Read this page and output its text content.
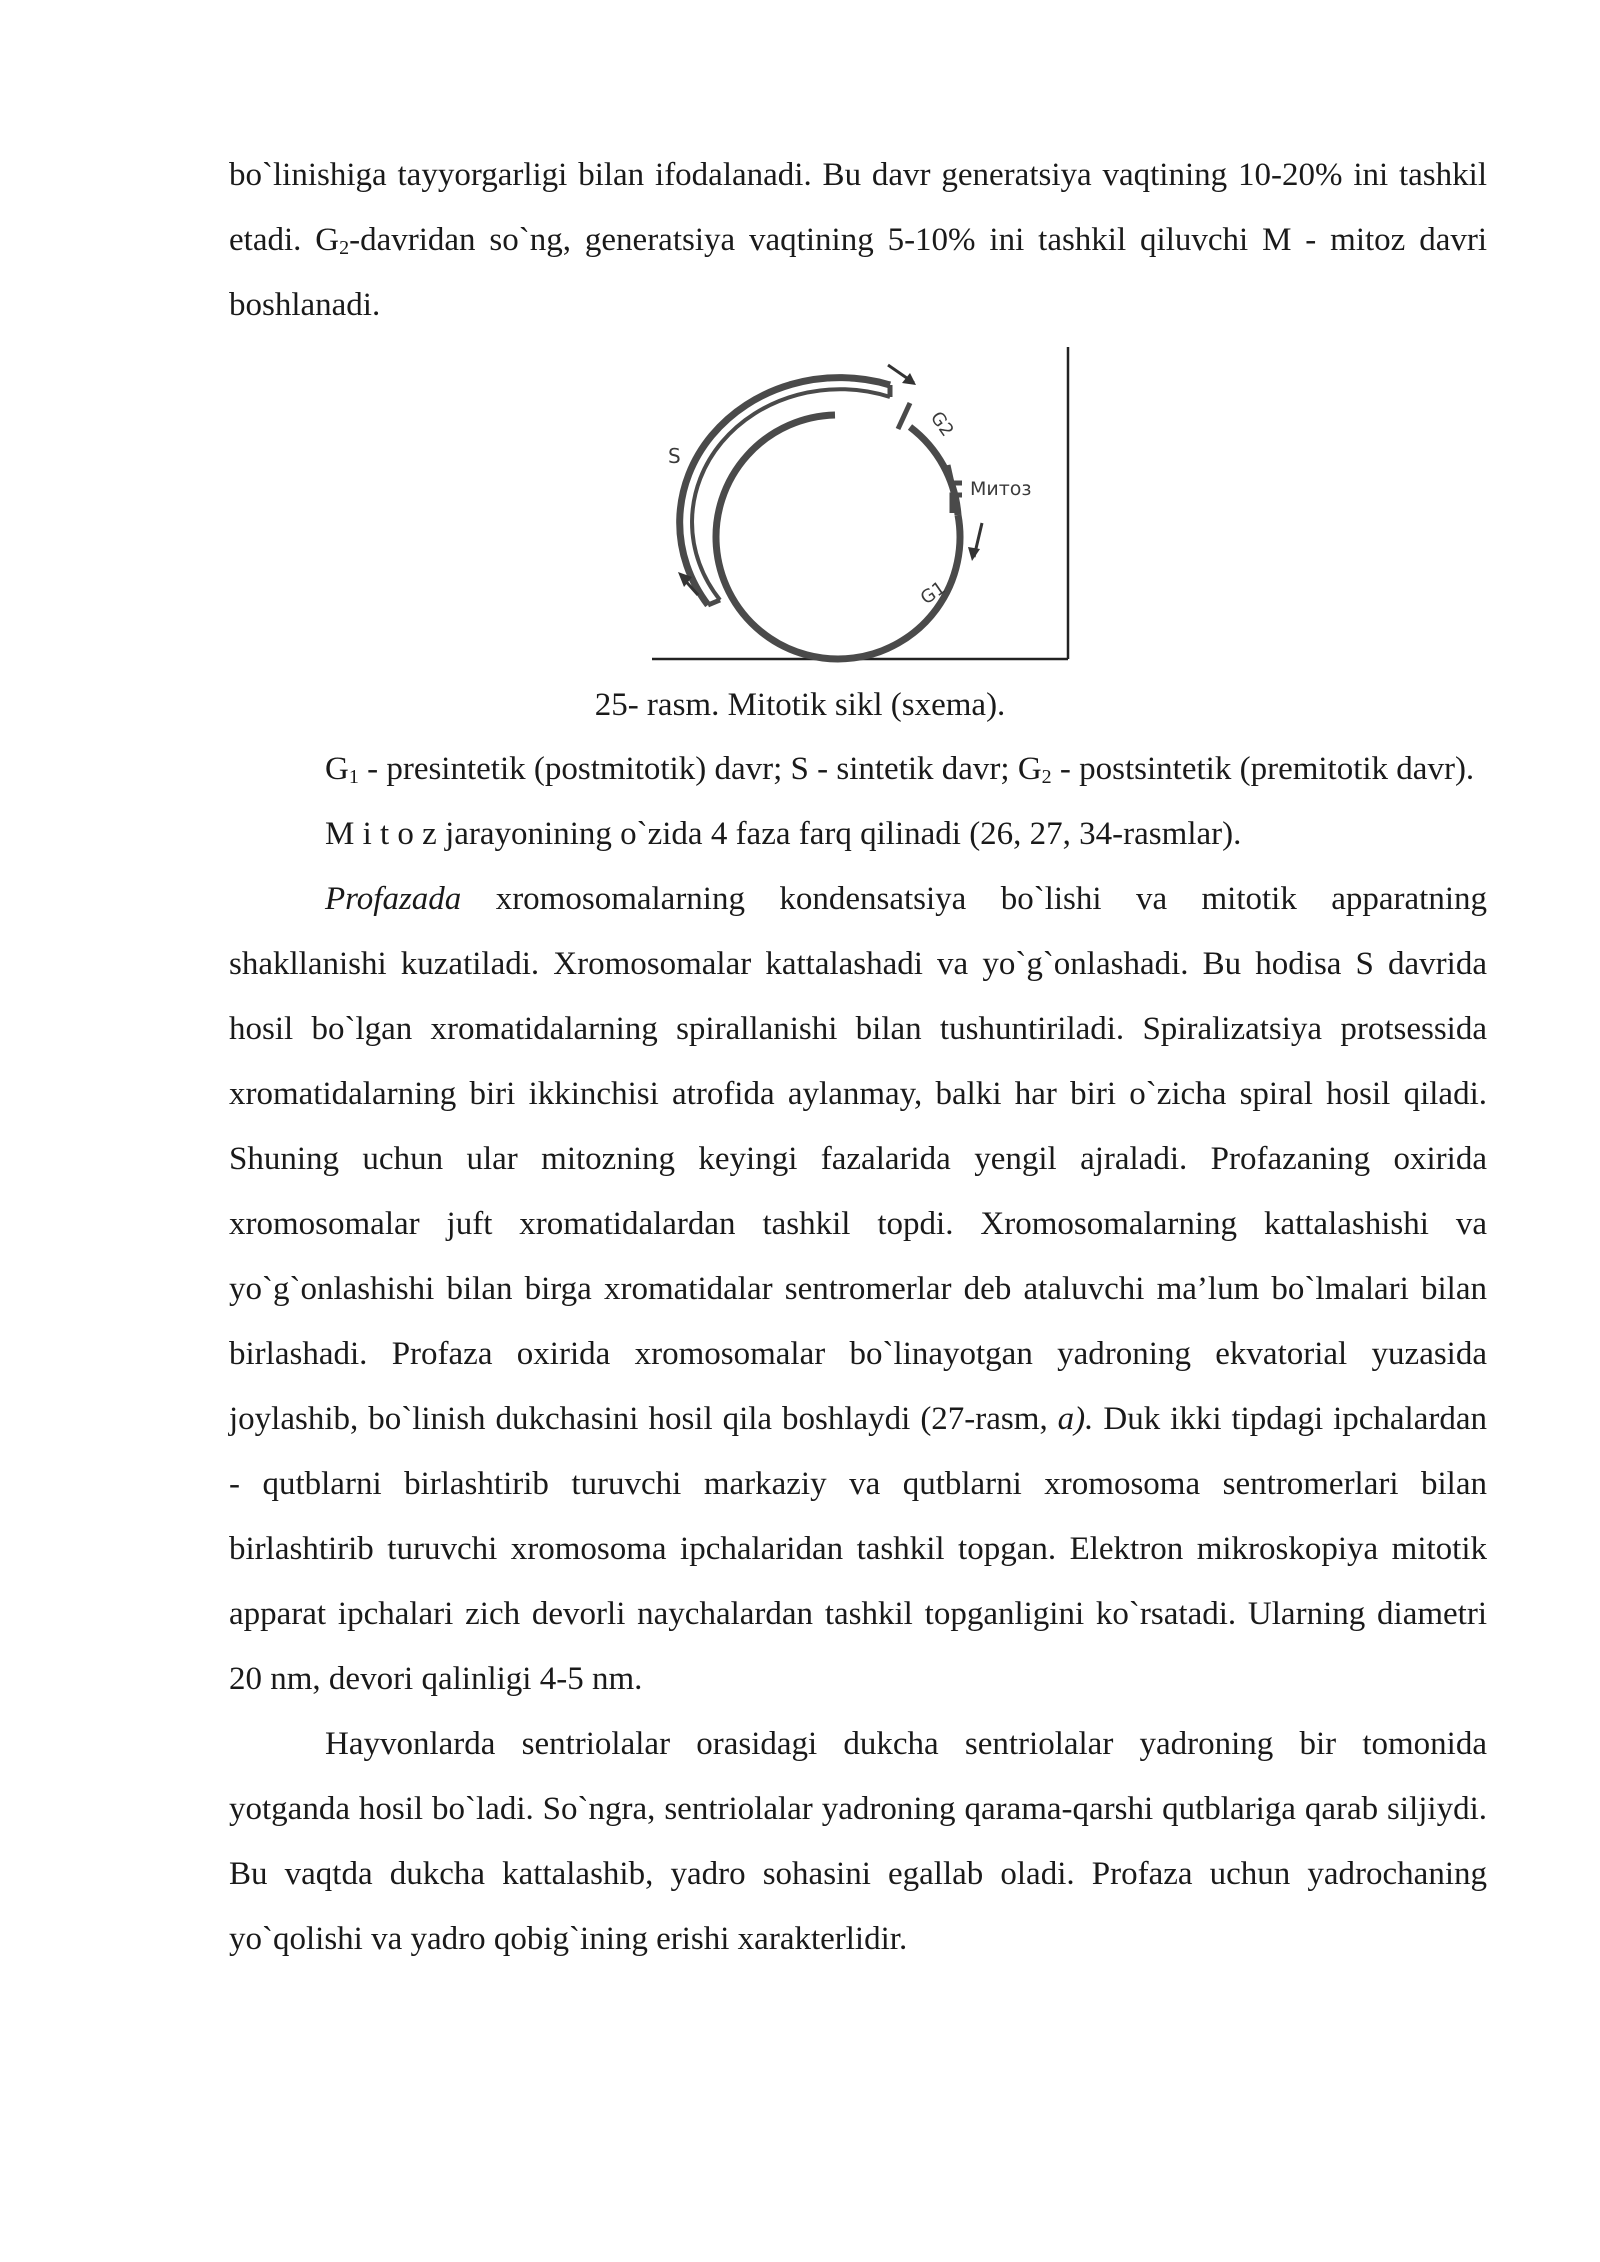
bo`linishiga tayyorgarligi bilan ifodalanadi. Bu davr generatsiya vaqtining 10-20% ini tashkil etadi. $G_2$-davridan so`ng, generatsiya vaqtining 5-10% ini tashkil qiluvchi M - mitoz davri boshlanadi.

S
G2
Митоз
G1
25- rasm. Mitotik sikl (sxema).

$G_1$ - presintetik (postmitotik) davr; S - sintetik davr; $G_2$ - postsintetik (premitotik davr).

M i t o z jarayonining o`zida 4 faza farq qilinadi (26, 27, 34-rasmlar).

Profazada xromosomalarning kondensatsiya bo`lishi va mitotik apparatning shakllanishi kuzatiladi. Xromosomalar kattalashadi va yo`g`onlashadi. Bu hodisa S davrida hosil bo`lgan xromatidalarning spirallanishi bilan tushuntiriladi. Spiralizatsiya protsessida xromatidalarning biri ikkinchisi atrofida aylanmay, balki har biri o`zicha spiral hosil qiladi. Shuning uchun ular mitozning keyingi fazalarida yengil ajraladi. Profazaning oxirida xromosomalar juft xromatidalardan tashkil topdi. Xromosomalarning kattalashishi va yo`g`onlashishi bilan birga xromatidalar sentromerlar deb ataluvchi ma’lum bo`lmalari bilan birlashadi. Profaza oxirida xromosomalar bo`linayotgan yadroning ekvatorial yuzasida joylashib, bo`linish dukchasini hosil qila boshlaydi (27-rasm, a). Duk ikki tipdagi ipchalardan - qutblarni birlashtirib turuvchi markaziy va qutblarni xromosoma sentromerlari bilan birlashtirib turuvchi xromosoma ipchalaridan tashkil topgan. Elektron mikroskopiya mitotik apparat ipchalari zich devorli naychalardan tashkil topganligini ko`rsatadi. Ularning diametri 20 nm, devori qalinligi 4-5 nm.

Hayvonlarda sentriolalar orasidagi dukcha sentriolalar yadroning bir tomonida yotganda hosil bo`ladi. So`ngra, sentriolalar yadroning qarama-qarshi qutblariga qarab siljiydi. Bu vaqtda dukcha kattalashib, yadro sohasini egallab oladi. Profaza uchun yadrochaning yo`qolishi va yadro qobig`ining erishi xarakterlidir.
